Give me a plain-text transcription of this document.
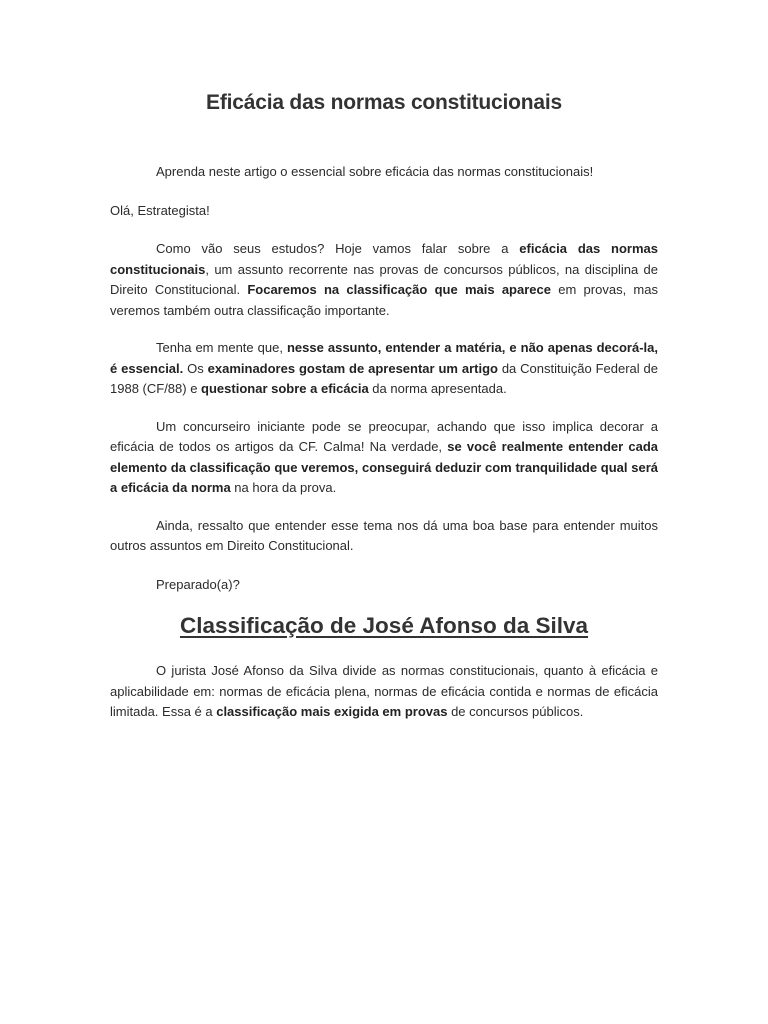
Eficácia das normas constitucionais

Aprenda neste artigo o essencial sobre eficácia das normas constitucionais!

Olá, Estrategista!

Como vão seus estudos? Hoje vamos falar sobre a eficácia das normas constitucionais, um assunto recorrente nas provas de concursos públicos, na disciplina de Direito Constitucional. Focaremos na classificação que mais aparece em provas, mas veremos também outra classificação importante.

Tenha em mente que, nesse assunto, entender a matéria, e não apenas decorá-la, é essencial. Os examinadores gostam de apresentar um artigo da Constituição Federal de 1988 (CF/88) e questionar sobre a eficácia da norma apresentada.

Um concurseiro iniciante pode se preocupar, achando que isso implica decorar a eficácia de todos os artigos da CF. Calma! Na verdade, se você realmente entender cada elemento da classificação que veremos, conseguirá deduzir com tranquilidade qual será a eficácia da norma na hora da prova.

Ainda, ressalto que entender esse tema nos dá uma boa base para entender muitos outros assuntos em Direito Constitucional.

Preparado(a)?

Classificação de José Afonso da Silva

O jurista José Afonso da Silva divide as normas constitucionais, quanto à eficácia e aplicabilidade em: normas de eficácia plena, normas de eficácia contida e normas de eficácia limitada. Essa é a classificação mais exigida em provas de concursos públicos.
